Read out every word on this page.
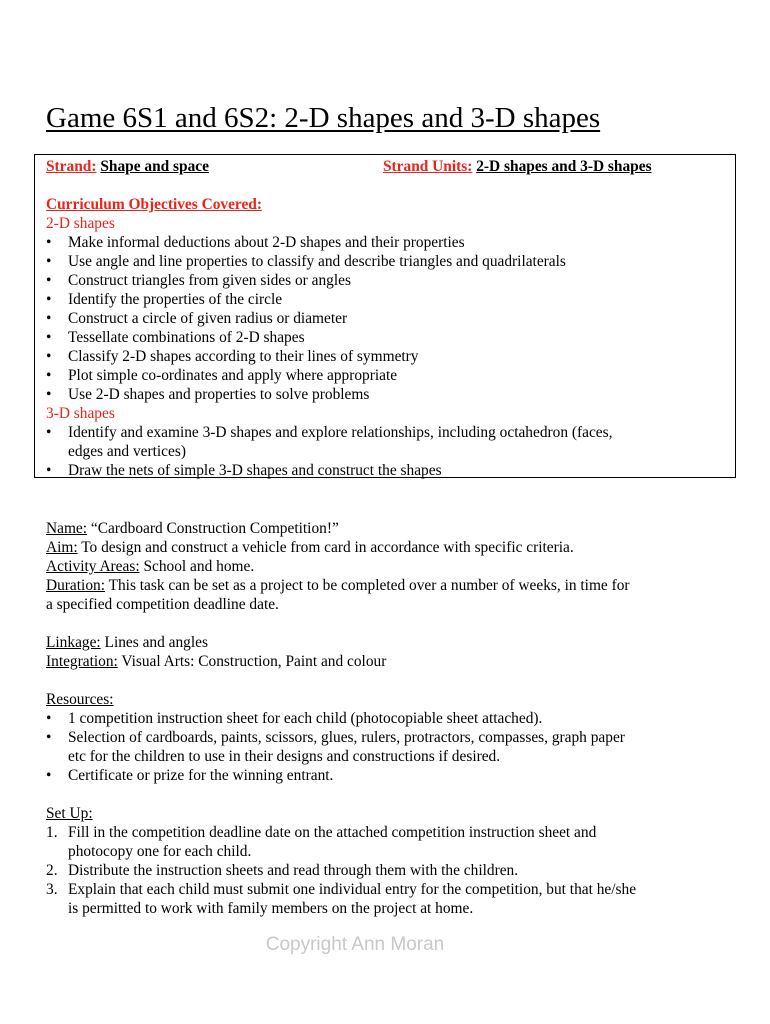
Game 6S1 and 6S2: 2-D shapes and 3-D shapes
Strand: Shape and space	Strand Units: 2-D shapes and 3-D shapes
Curriculum Objectives Covered:
2-D shapes
• Make informal deductions about 2-D shapes and their properties
• Use angle and line properties to classify and describe triangles and quadrilaterals
• Construct triangles from given sides or angles
• Identify the properties of the circle
• Construct a circle of given radius or diameter
• Tessellate combinations of 2-D shapes
• Classify 2-D shapes according to their lines of symmetry
• Plot simple co-ordinates and apply where appropriate
• Use 2-D shapes and properties to solve problems
3-D shapes
• Identify and examine 3-D shapes and explore relationships, including octahedron (faces,
edges and vertices)
• Draw the nets of simple 3-D shapes and construct the shapes
Name: “Cardboard Construction Competition!”
Aim: To design and construct a vehicle from card in accordance with specific criteria.
Activity Areas: School and home.
Duration: This task can be set as a project to be completed over a number of weeks, in time for
a specified competition deadline date.
Linkage: Lines and angles
Integration: Visual Arts: Construction, Paint and colour
Resources:
• 1 competition instruction sheet for each child (photocopiable sheet attached).
• Selection of cardboards, paints, scissors, glues, rulers, protractors, compasses, graph paper
etc for the children to use in their designs and constructions if desired.
• Certificate or prize for the winning entrant.
Set Up:
1. Fill in the competition deadline date on the attached competition instruction sheet and
photocopy one for each child.
2. Distribute the instruction sheets and read through them with the children.
3. Explain that each child must submit one individual entry for the competition, but that he/she
is permitted to work with family members on the project at home.
Copyright Ann Moran
